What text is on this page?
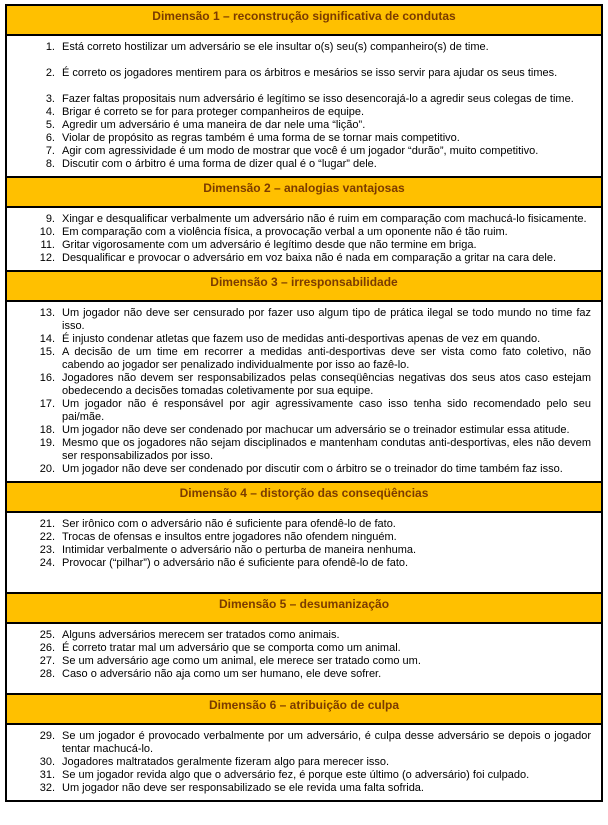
Dimensão 1 – reconstrução significativa de condutas
1. Está correto hostilizar um adversário se ele insultar o(s) seu(s) companheiro(s) de time.
2. É correto os jogadores mentirem para os árbitros e mesários se isso servir para ajudar os seus times.
3. Fazer faltas propositais num adversário é legítimo se isso desencorajá-lo a agredir seus colegas de time.
4. Brigar é correto se for para proteger companheiros de equipe.
5. Agredir um adversário é uma maneira de dar nele uma “lição”.
6. Violar de propósito as regras também é uma forma de se tornar mais competitivo.
7. Agir com agressividade é um modo de mostrar que você é um jogador “durão”, muito competitivo.
8. Discutir com o árbitro é uma forma de dizer qual é o “lugar” dele.
Dimensão 2 – analogias vantajosas
9. Xingar e desqualificar verbalmente um adversário não é ruim em comparação com machucá-lo fisicamente.
10. Em comparação com a violência física, a provocação verbal a um oponente não é tão ruim.
11. Gritar vigorosamente com um adversário é legítimo desde que não termine em briga.
12. Desqualificar e provocar o adversário em voz baixa não é nada em comparação a gritar na cara dele.
Dimensão 3 – irresponsabilidade
13. Um jogador não deve ser censurado por fazer uso algum tipo de prática ilegal se todo mundo no time faz isso.
14. É injusto condenar atletas que fazem uso de medidas anti-desportivas apenas de vez em quando.
15. A decisão de um time em recorrer a medidas anti-desportivas deve ser vista como fato coletivo, não cabendo ao jogador ser penalizado individualmente por isso ao fazê-lo.
16. Jogadores não devem ser responsabilizados pelas conseqüências negativas dos seus atos caso estejam obedecendo a decisões tomadas coletivamente por sua equipe.
17. Um jogador não é responsável por agir agressivamente caso isso tenha sido recomendado pelo seu pai/mãe.
18. Um jogador não deve ser condenado por machucar um adversário se o treinador estimular essa atitude.
19. Mesmo que os jogadores não sejam disciplinados e mantenham condutas anti-desportivas, eles não devem ser responsabilizados por isso.
20. Um jogador não deve ser condenado por discutir com o árbitro se o treinador do time também faz isso.
Dimensão 4 – distorção das conseqüências
21. Ser irônico com o adversário não é suficiente para ofendê-lo de fato.
22. Trocas de ofensas e insultos entre jogadores não ofendem ninguém.
23. Intimidar verbalmente o adversário não o perturba de maneira nenhuma.
24. Provocar (“pilhar”) o adversário não é suficiente para ofendê-lo de fato.
Dimensão 5 – desumanização
25. Alguns adversários merecem ser tratados como animais.
26. É correto tratar mal um adversário que se comporta como um animal.
27. Se um adversário age como um animal, ele merece ser tratado como um.
28. Caso o adversário não aja como um ser humano, ele deve sofrer.
Dimensão 6 – atribuição de culpa
29. Se um jogador é provocado verbalmente por um adversário, é culpa desse adversário se depois o jogador tentar machucá-lo.
30. Jogadores maltratados geralmente fizeram algo para merecer isso.
31. Se um jogador revida algo que o adversário fez, é porque este último (o adversário) foi culpado.
32. Um jogador não deve ser responsabilizado se ele revida uma falta sofrida.
